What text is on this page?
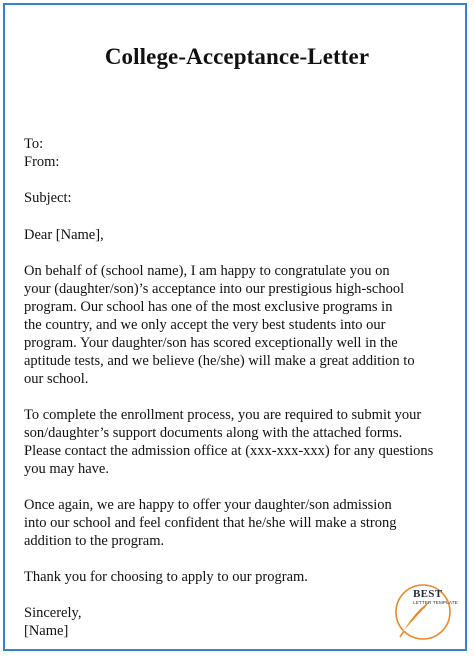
College-Acceptance-Letter
To:
From:
Subject:
Dear [Name],
On behalf of (school name), I am happy to congratulate you on
your (daughter/son)’s acceptance into our prestigious high-school
program. Our school has one of the most exclusive programs in
the country, and we only accept the very best students into our
program. Your daughter/son has scored exceptionally well in the
aptitude tests, and we believe (he/she) will make a great addition to
our school.
To complete the enrollment process, you are required to submit your
son/daughter’s support documents along with the attached forms.
Please contact the admission office at (xxx-xxx-xxx) for any questions
you may have.
Once again, we are happy to offer your daughter/son admission
into our school and feel confident that he/she will make a strong
addition to the program.
Thank you for choosing to apply to our program.
Sincerely,
[Name]
BEST
LETTER TEMPLATE
